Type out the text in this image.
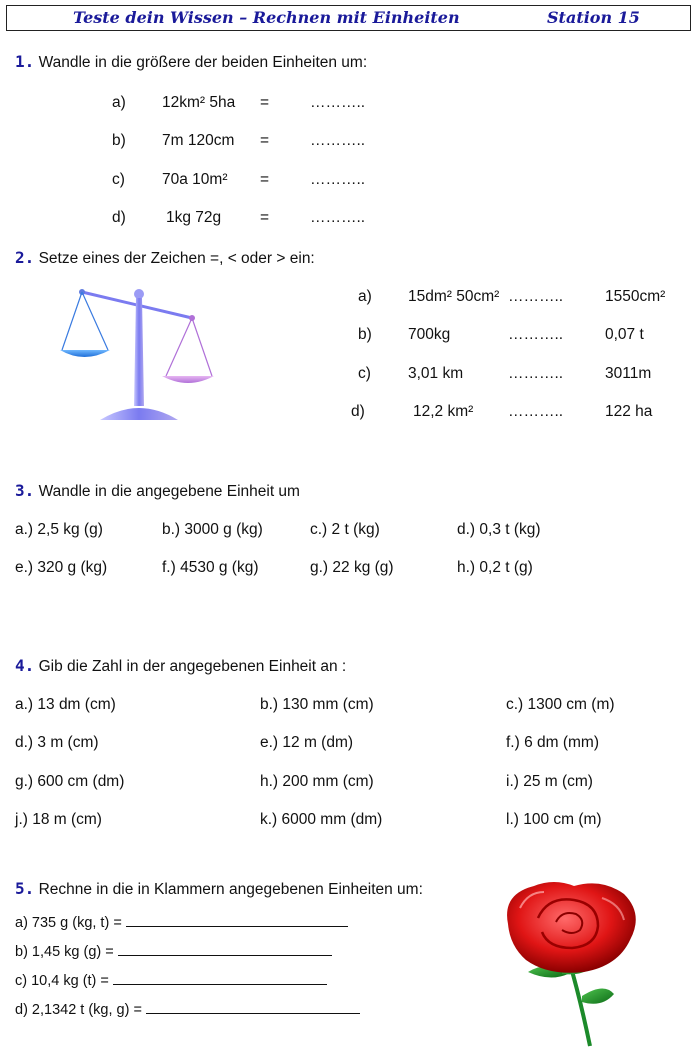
Teste dein Wissen – Rechnen mit Einheiten	Station 15
1. Wandle in die größere der beiden Einheiten um:
a) 12km² 5ha =	………..
b) 7m 120cm =	………..
c) 70a 10m² =	………..
d)	1kg 72g	=	………..
2. Setze eines der Zeichen =, < oder > ein:
a) 15dm² 50cm² ………..	1550cm²
b) 700kg	………..	0,07 t
c) 3,01 km	………..	3011m
d)	12,2 km² ………..	122 ha
3. Wandle in die angegebene Einheit um
a.) 2,5 kg (g)	b.) 3000 g (kg)	c.) 2 t (kg)	d.) 0,3 t (kg)
e.) 320 g (kg)	f.) 4530 g (kg)	g.) 22 kg (g)	h.) 0,2 t (g)
4. Gib die Zahl in der angegebenen Einheit an :
a.) 13 dm (cm)	b.) 130 mm (cm)	c.) 1300 cm (m)
d.) 3 m (cm)	e.) 12 m (dm)	f.) 6 dm (mm)
g.) 600 cm (dm)	h.) 200 mm (cm)	i.) 25 m (cm)
j.) 18 m (cm)	k.) 6000 mm (dm)	l.) 100 cm (m)
5. Rechne in die in Klammern angegebenen Einheiten um:
a) 735 g (kg, t) =
b) 1,45 kg (g) =
c) 10,4 kg (t) =
d) 2,1342 t (kg, g) =
